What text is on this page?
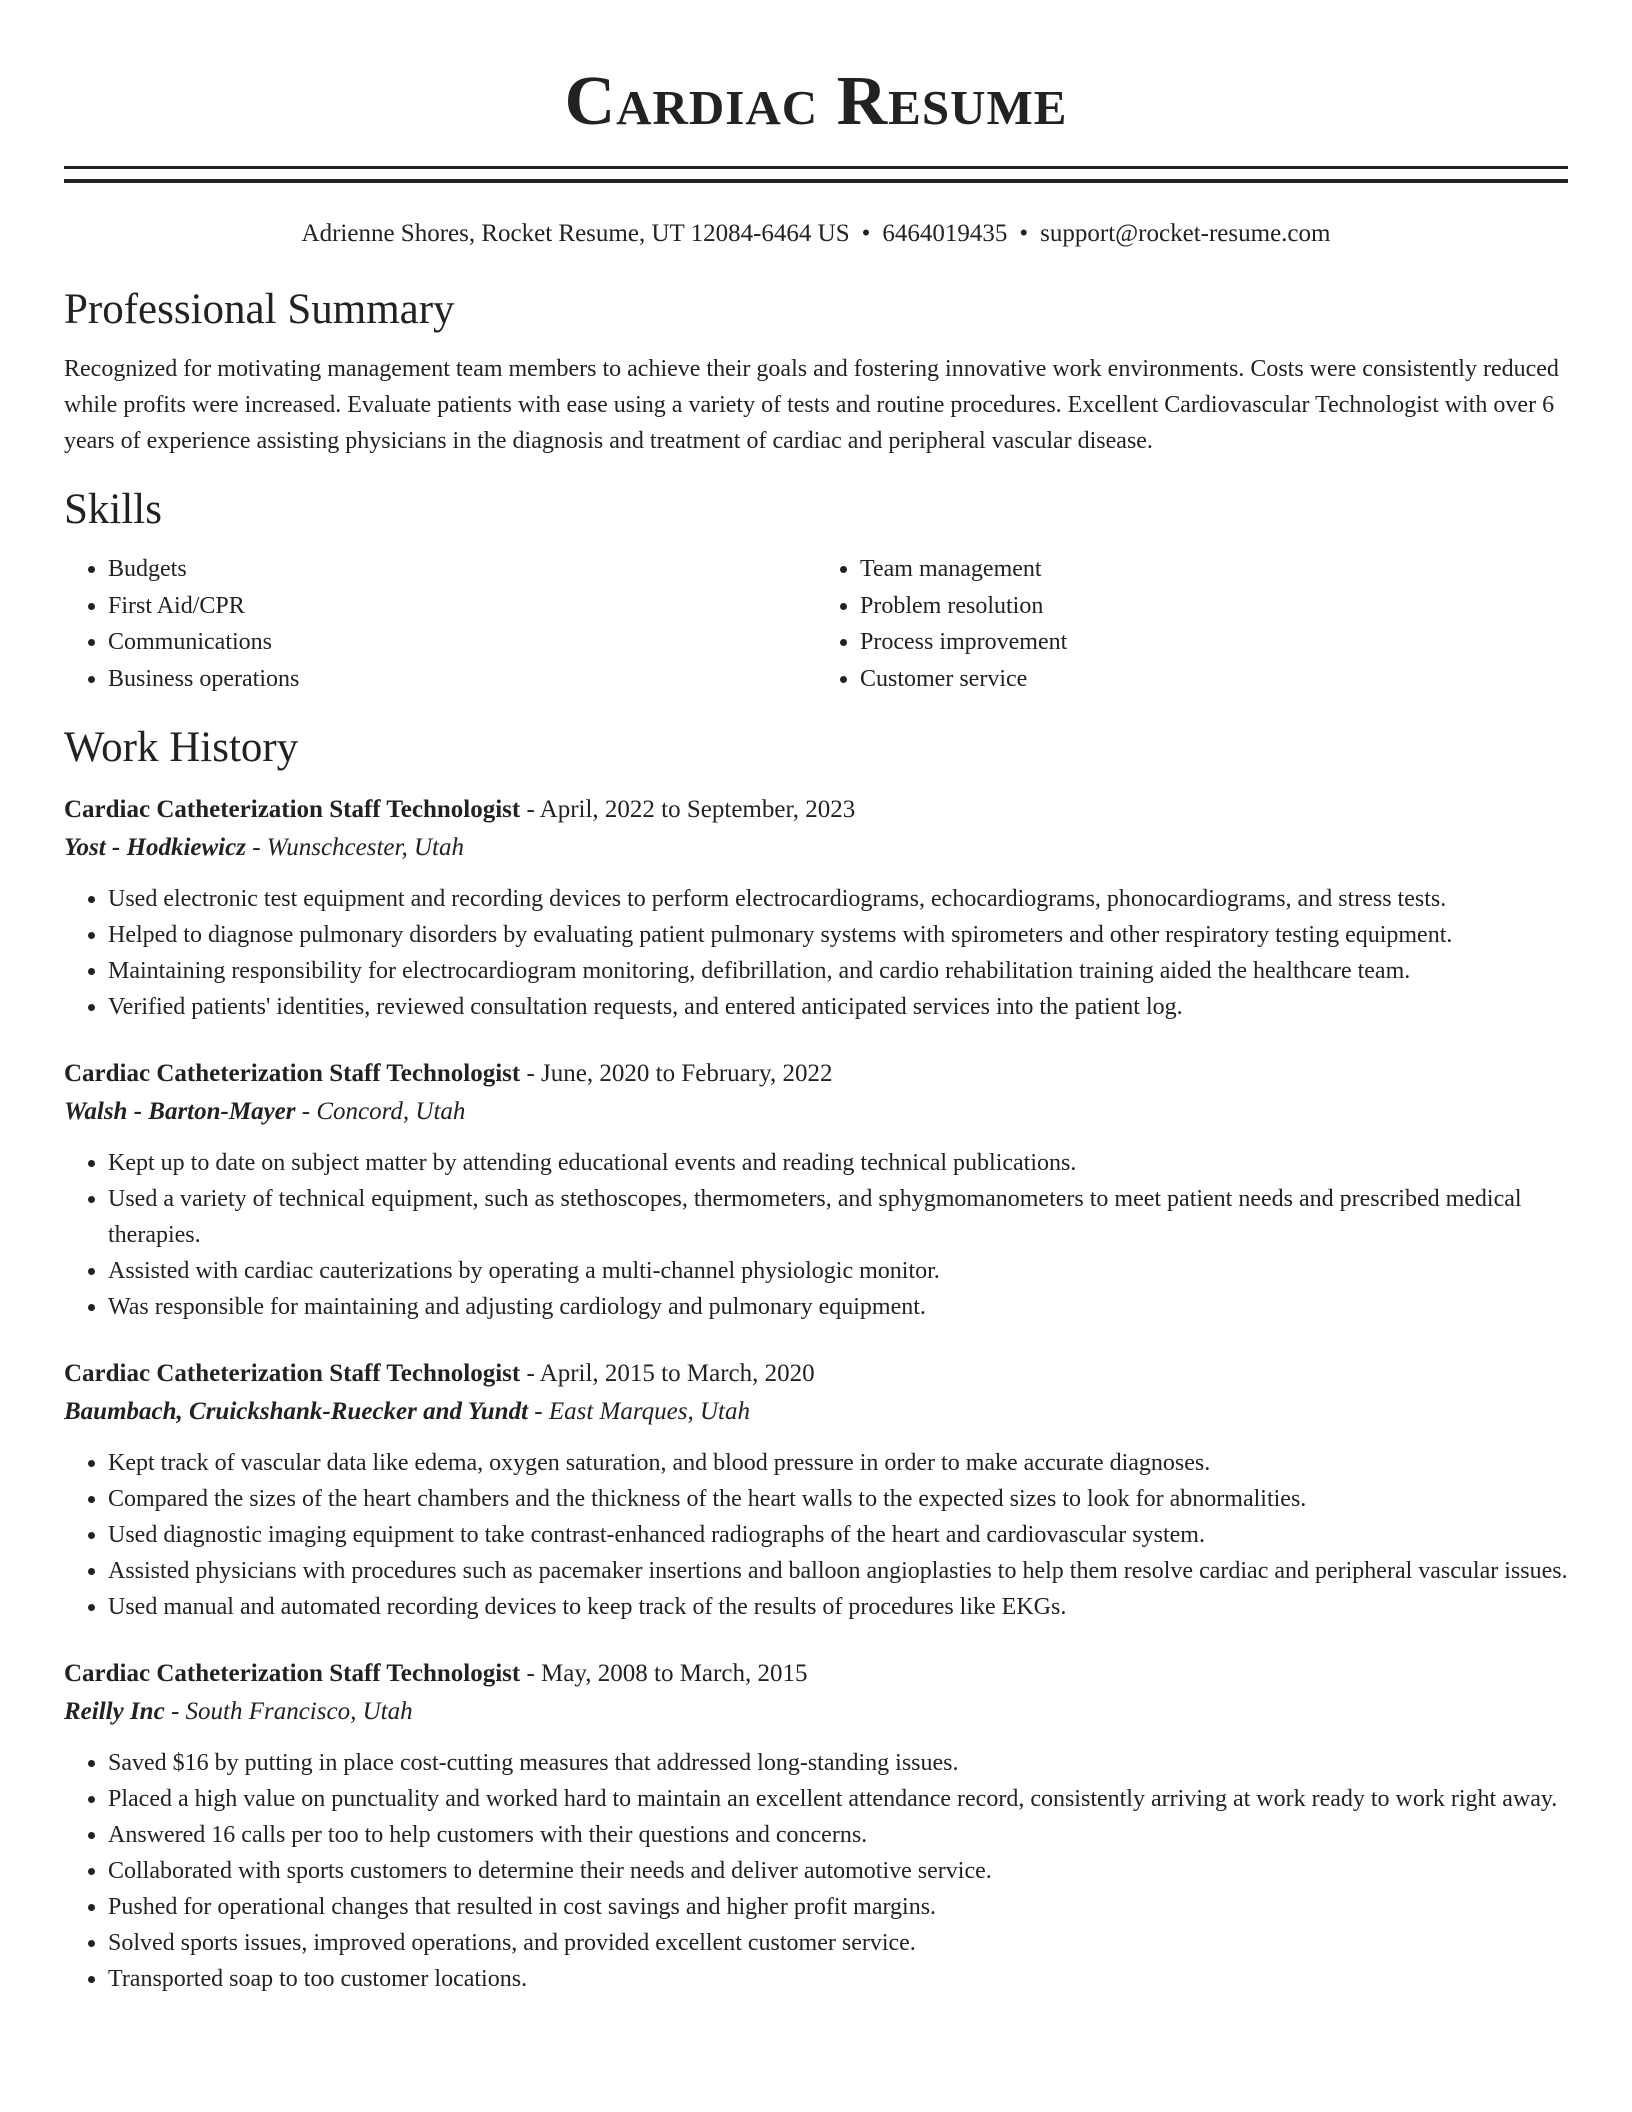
Cardiac Resume
Adrienne Shores, Rocket Resume, UT 12084-6464 US • 6464019435 • support@rocket-resume.com
Professional Summary

Recognized for motivating management team members to achieve their goals and fostering innovative work environments. Costs were consistently reduced while profits were increased. Evaluate patients with ease using a variety of tests and routine procedures. Excellent Cardiovascular Technologist with over 6 years of experience assisting physicians in the diagnosis and treatment of cardiac and peripheral vascular disease.

Skills
• Budgets
• First Aid/CPR
• Communications
• Business operations
• Team management
• Problem resolution
• Process improvement
• Customer service
Work History
Cardiac Catheterization Staff Technologist - April, 2022 to September, 2023
Yost - Hodkiewicz - Wunschcester, Utah
• Used electronic test equipment and recording devices to perform electrocardiograms, echocardiograms, phonocardiograms, and stress tests.
• Helped to diagnose pulmonary disorders by evaluating patient pulmonary systems with spirometers and other respiratory testing equipment.
• Maintaining responsibility for electrocardiogram monitoring, defibrillation, and cardio rehabilitation training aided the healthcare team.
• Verified patients' identities, reviewed consultation requests, and entered anticipated services into the patient log.
Cardiac Catheterization Staff Technologist - June, 2020 to February, 2022
Walsh - Barton-Mayer - Concord, Utah
• Kept up to date on subject matter by attending educational events and reading technical publications.
• Used a variety of technical equipment, such as stethoscopes, thermometers, and sphygmomanometers to meet patient needs and prescribed medical therapies.
• Assisted with cardiac cauterizations by operating a multi-channel physiologic monitor.
• Was responsible for maintaining and adjusting cardiology and pulmonary equipment.
Cardiac Catheterization Staff Technologist - April, 2015 to March, 2020
Baumbach, Cruickshank-Ruecker and Yundt - East Marques, Utah
• Kept track of vascular data like edema, oxygen saturation, and blood pressure in order to make accurate diagnoses.
• Compared the sizes of the heart chambers and the thickness of the heart walls to the expected sizes to look for abnormalities.
• Used diagnostic imaging equipment to take contrast-enhanced radiographs of the heart and cardiovascular system.
• Assisted physicians with procedures such as pacemaker insertions and balloon angioplasties to help them resolve cardiac and peripheral vascular issues.
• Used manual and automated recording devices to keep track of the results of procedures like EKGs.
Cardiac Catheterization Staff Technologist - May, 2008 to March, 2015
Reilly Inc - South Francisco, Utah
• Saved $16 by putting in place cost-cutting measures that addressed long-standing issues.
• Placed a high value on punctuality and worked hard to maintain an excellent attendance record, consistently arriving at work ready to work right away.
• Answered 16 calls per too to help customers with their questions and concerns.
• Collaborated with sports customers to determine their needs and deliver automotive service.
• Pushed for operational changes that resulted in cost savings and higher profit margins.
• Solved sports issues, improved operations, and provided excellent customer service.
• Transported soap to too customer locations.
